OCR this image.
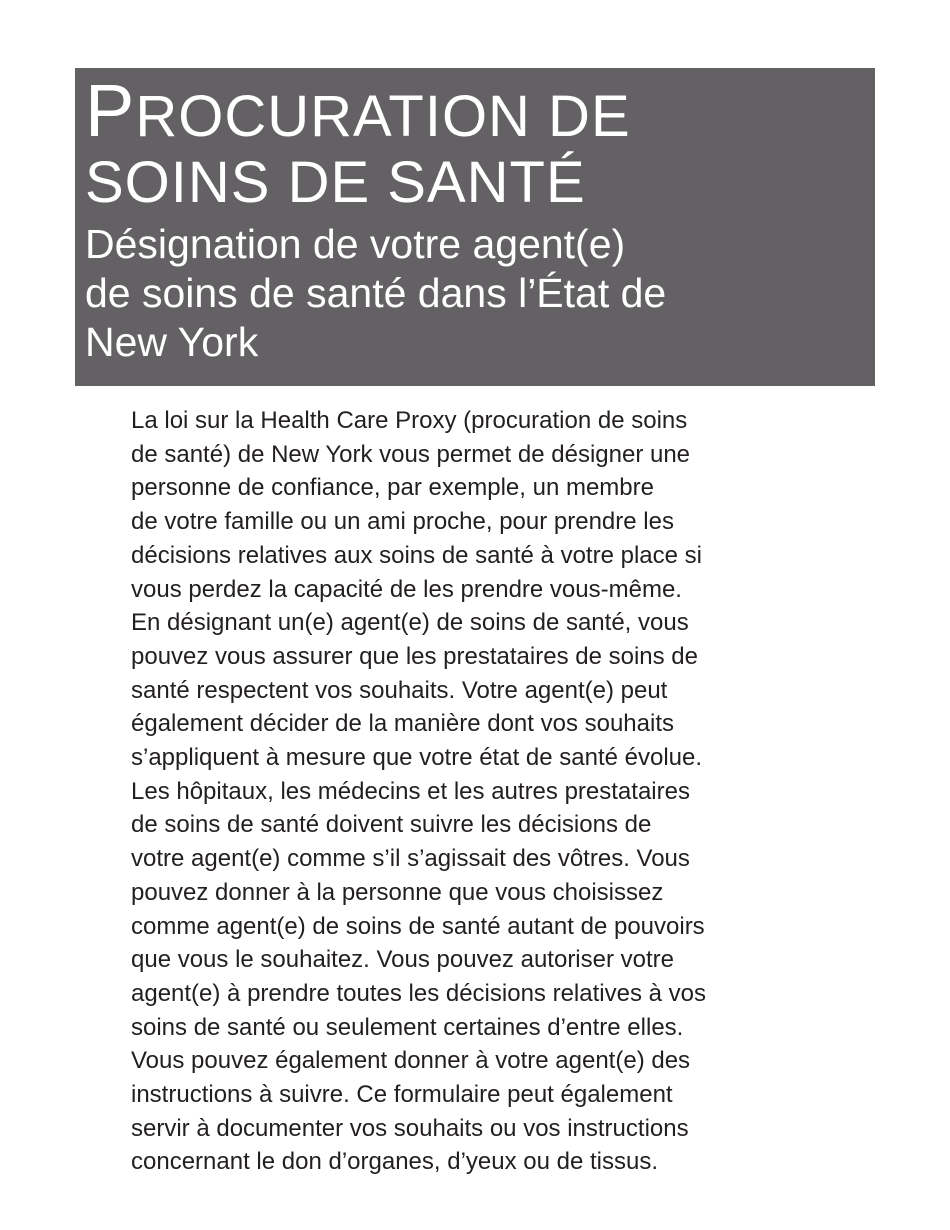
PROCURATION DE
SOINS DE SANTÉ
Désignation de votre agent(e)
de soins de santé dans l’État de
New York

La loi sur la Health Care Proxy (procuration de soins
de santé) de New York vous permet de désigner une
personne de confiance, par exemple, un membre
de votre famille ou un ami proche, pour prendre les
décisions relatives aux soins de santé à votre place si
vous perdez la capacité de les prendre vous-même.
En désignant un(e) agent(e) de soins de santé, vous
pouvez vous assurer que les prestataires de soins de
santé respectent vos souhaits. Votre agent(e) peut
également décider de la manière dont vos souhaits
s’appliquent à mesure que votre état de santé évolue.
Les hôpitaux, les médecins et les autres prestataires
de soins de santé doivent suivre les décisions de
votre agent(e) comme s’il s’agissait des vôtres. Vous
pouvez donner à la personne que vous choisissez
comme agent(e) de soins de santé autant de pouvoirs
que vous le souhaitez. Vous pouvez autoriser votre
agent(e) à prendre toutes les décisions relatives à vos
soins de santé ou seulement certaines d’entre elles.
Vous pouvez également donner à votre agent(e) des
instructions à suivre. Ce formulaire peut également
servir à documenter vos souhaits ou vos instructions
concernant le don d’organes, d’yeux ou de tissus.
